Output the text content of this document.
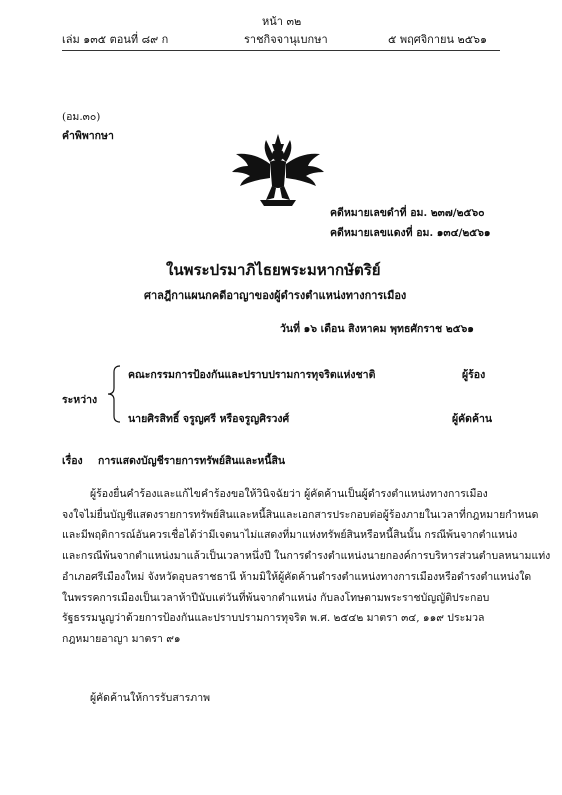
หน้า ๓๒
เล่ม ๑๓๕ ตอนที่ ๘๙ ก	ราชกิจจานุเบกษา	๕ พฤศจิกายน ๒๕๖๑
(อม.๓๐)
คำพิพากษา
คดีหมายเลขดำที่ อม. ๒๓๗/๒๕๖๐
คดีหมายเลขแดงที่ อม. ๑๓๔/๒๕๖๑
ในพระปรมาภิไธยพระมหากษัตริย์
ศาลฎีกาแผนกคดีอาญาของผู้ดำรงตำแหน่งทางการเมือง
วันที่ ๑๖ เดือน สิงหาคม พุทธศักราช ๒๕๖๑
คณะกรรมการป้องกันและปราบปรามการทุจริตแห่งชาติ	ผู้ร้อง
ระหว่าง
นายศิรสิทธิ์ จรูญศรี หรือจรูญศิรวงศ์	ผู้คัดค้าน
เรื่อง การแสดงบัญชีรายการทรัพย์สินและหนี้สิน
ผู้ร้องยื่นคำร้องและแก้ไขคำร้องขอให้วินิจฉัยว่า ผู้คัดค้านเป็นผู้ดำรงตำแหน่งทางการเมือง
จงใจไม่ยื่นบัญชีแสดงรายการทรัพย์สินและหนี้สินและเอกสารประกอบต่อผู้ร้องภายในเวลาที่กฎหมายกำหนด
และมีพฤติการณ์อันควรเชื่อได้ว่ามีเจตนาไม่แสดงที่มาแห่งทรัพย์สินหรือหนี้สินนั้น กรณีพ้นจากตำแหน่ง
และกรณีพ้นจากตำแหน่งมาแล้วเป็นเวลาหนึ่งปี ในการดำรงตำแหน่งนายกองค์การบริหารส่วนตำบลหนามแท่ง
อำเภอศรีเมืองใหม่ จังหวัดอุบลราชธานี ห้ามมิให้ผู้คัดค้านดำรงตำแหน่งทางการเมืองหรือดำรงตำแหน่งใด
ในพรรคการเมืองเป็นเวลาห้าปีนับแต่วันที่พ้นจากตำแหน่ง กับลงโทษตามพระราชบัญญัติประกอบ
รัฐธรรมนูญว่าด้วยการป้องกันและปราบปรามการทุจริต พ.ศ. ๒๕๔๒ มาตรา ๓๔, ๑๑๙ ประมวล
กฎหมายอาญา มาตรา ๙๑
ผู้คัดค้านให้การรับสารภาพ
